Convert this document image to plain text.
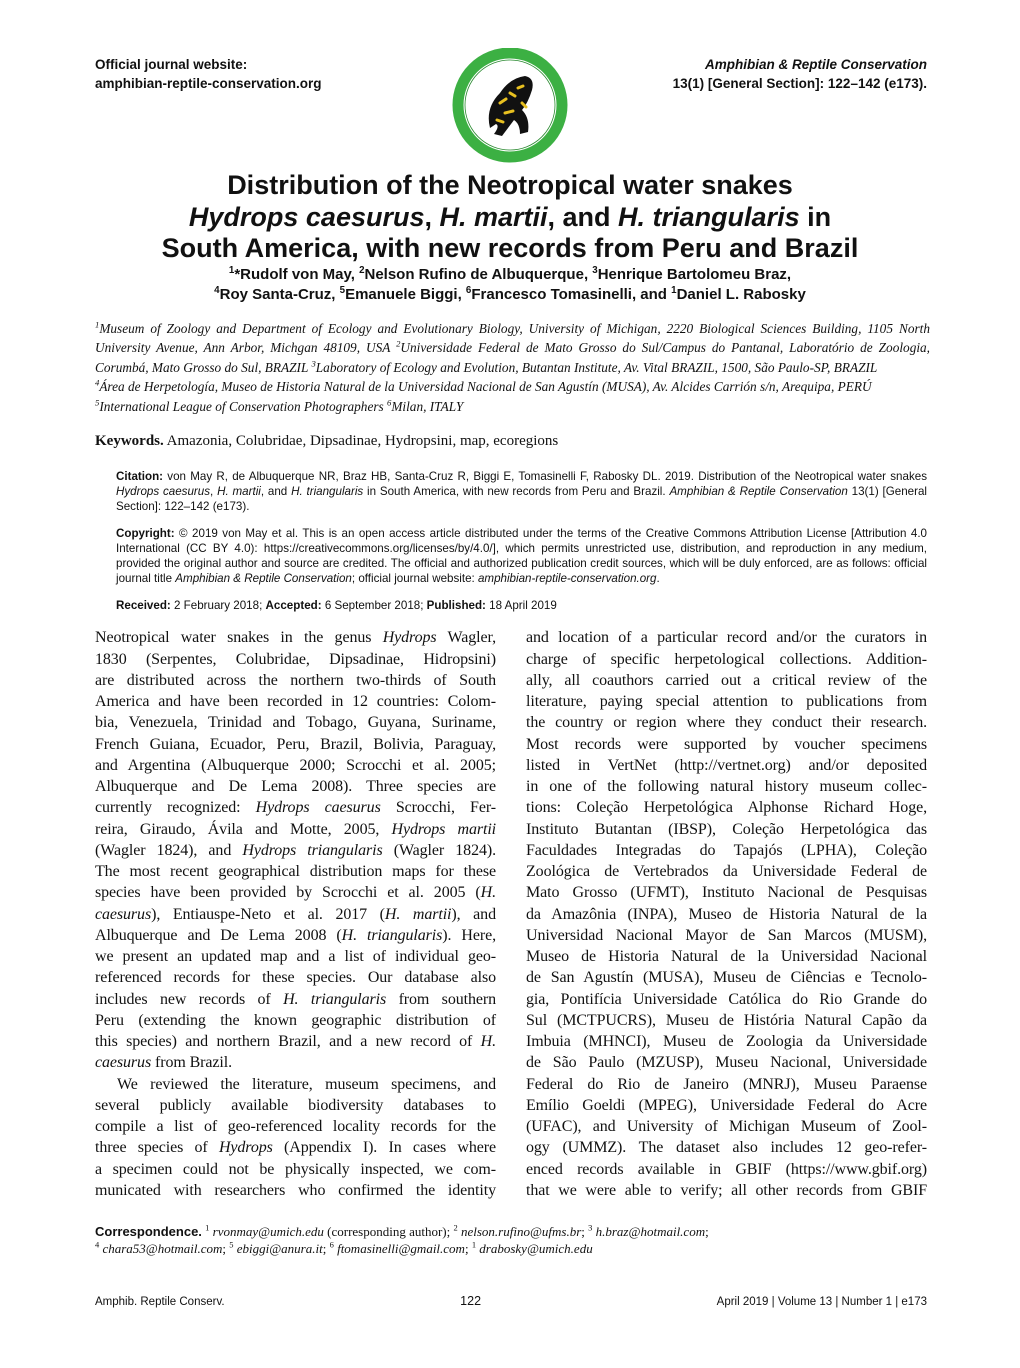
Official journal website:
amphibian-reptile-conservation.org
Amphibian & Reptile Conservation
13(1) [General Section]: 122–142 (e173).
Distribution of the Neotropical water snakes
Hydrops caesurus, H. martii, and H. triangularis in
South America, with new records from Peru and Brazil
$^1$*Rudolf von May, $^2$Nelson Rufino de Albuquerque, $^3$Henrique Bartolomeu Braz,
$^4$Roy Santa-Cruz, $^5$Emanuele Biggi, $^6$Francesco Tomasinelli, and $^1$Daniel L. Rabosky
$^1$Museum of Zoology and Department of Ecology and Evolutionary Biology, University of Michigan, 2220 Biological Sciences Building, 1105 North University Avenue, Ann Arbor, Michgan 48109, USA $^2$Universidade Federal de Mato Grosso do Sul/Campus do Pantanal, Laboratório de Zoologia, Corumbá, Mato Grosso do Sul, BRAZIL $^3$Laboratory of Ecology and Evolution, Butantan Institute, Av. Vital BRAZIL, 1500, São Paulo-SP, BRAZIL
$^4$Área de Herpetología, Museo de Historia Natural de la Universidad Nacional de San Agustín (MUSA), Av. Alcides Carrión s/n, Arequipa, PERÚ
$^5$International League of Conservation Photographers $^6$Milan, ITALY
Keywords. Amazonia, Colubridae, Dipsadinae, Hydropsini, map, ecoregions

Citation: von May R, de Albuquerque NR, Braz HB, Santa-Cruz R, Biggi E, Tomasinelli F, Rabosky DL. 2019. Distribution of the Neotropical water snakes Hydrops caesurus, H. martii, and H. triangularis in South America, with new records from Peru and Brazil. Amphibian & Reptile Conservation 13(1) [General Section]: 122–142 (e173).

Copyright: © 2019 von May et al. This is an open access article distributed under the terms of the Creative Commons Attribution License [Attribution 4.0 International (CC BY 4.0): https://creativecommons.org/licenses/by/4.0/], which permits unrestricted use, distribution, and reproduction in any medium, provided the original author and source are credited. The official and authorized publication credit sources, which will be duly enforced, are as follows: official journal title Amphibian & Reptile Conservation; official journal website: amphibian-reptile-conservation.org.

Received: 2 February 2018; Accepted: 6 September 2018; Published: 18 April 2019

Neotropical water snakes in the genus Hydrops Wagler,
1830 (Serpentes, Colubridae, Dipsadinae, Hidropsini)
are distributed across the northern two-thirds of South
America and have been recorded in 12 countries: Colom-
bia, Venezuela, Trinidad and Tobago, Guyana, Suriname,
French Guiana, Ecuador, Peru, Brazil, Bolivia, Paraguay,
and Argentina (Albuquerque 2000; Scrocchi et al. 2005;
Albuquerque and De Lema 2008). Three species are
currently recognized: Hydrops caesurus Scrocchi, Fer-
reira, Giraudo, Ávila and Motte, 2005, Hydrops martii
(Wagler 1824), and Hydrops triangularis (Wagler 1824).
The most recent geographical distribution maps for these
species have been provided by Scrocchi et al. 2005 (H.
caesurus), Entiauspe-Neto et al. 2017 (H. martii), and
Albuquerque and De Lema 2008 (H. triangularis). Here,
we present an updated map and a list of individual geo-
referenced records for these species. Our database also
includes new records of H. triangularis from southern
Peru (extending the known geographic distribution of
this species) and northern Brazil, and a new record of H.
caesurus from Brazil.
We reviewed the literature, museum specimens, and
several publicly available biodiversity databases to
compile a list of geo-referenced locality records for the
three species of Hydrops (Appendix I). In cases where
a specimen could not be physically inspected, we com-
municated with researchers who confirmed the identity
and location of a particular record and/or the curators in
charge of specific herpetological collections. Addition-
ally, all coauthors carried out a critical review of the
literature, paying special attention to publications from
the country or region where they conduct their research.
Most records were supported by voucher specimens
listed in VertNet (http://vertnet.org) and/or deposited
in one of the following natural history museum collec-
tions: Coleção Herpetológica Alphonse Richard Hoge,
Instituto Butantan (IBSP), Coleção Herpetológica das
Faculdades Integradas do Tapajós (LPHA), Coleção
Zoológica de Vertebrados da Universidade Federal de
Mato Grosso (UFMT), Instituto Nacional de Pesquisas
da Amazônia (INPA), Museo de Historia Natural de la
Universidad Nacional Mayor de San Marcos (MUSM),
Museo de Historia Natural de la Universidad Nacional
de San Agustín (MUSA), Museu de Ciências e Tecnolo-
gia, Pontifícia Universidade Católica do Rio Grande do
Sul (MCTPUCRS), Museu de História Natural Capão da
Imbuia (MHNCI), Museu de Zoologia da Universidade
de São Paulo (MZUSP), Museu Nacional, Universidade
Federal do Rio de Janeiro (MNRJ), Museu Paraense
Emílio Goeldi (MPEG), Universidade Federal do Acre
(UFAC), and University of Michigan Museum of Zool-
ogy (UMMZ). The dataset also includes 12 geo-refer-
enced records available in GBIF (https://www.gbif.org)
that we were able to verify; all other records from GBIF
Correspondence. $^1$ rvonmay@umich.edu (corresponding author); $^2$ nelson.rufino@ufms.br; $^3$ h.braz@hotmail.com;
$^4$ chara53@hotmail.com; $^5$ ebiggi@anura.it; $^6$ ftomasinelli@gmail.com; $^1$ drabosky@umich.edu
Amphib. Reptile Conserv.	122	April 2019 | Volume 13 | Number 1 | e173
